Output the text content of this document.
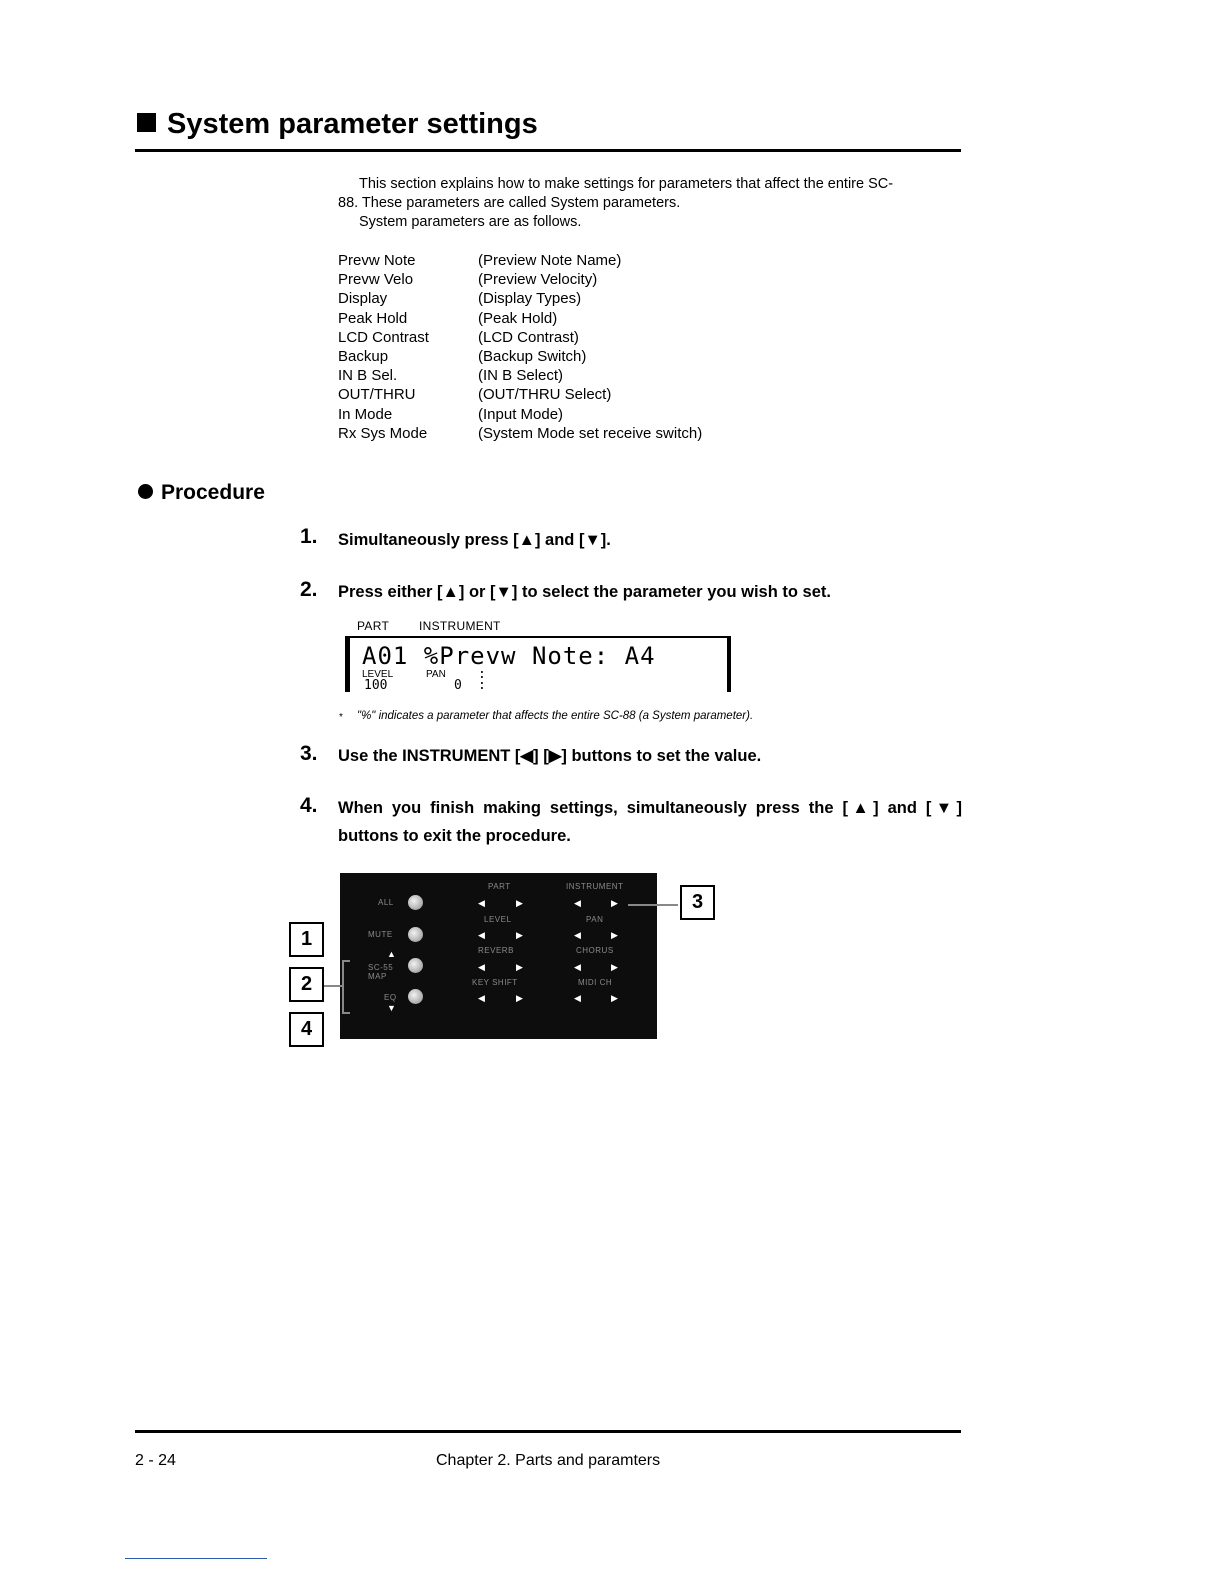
System parameter settings
This section explains how to make settings for parameters that affect the entire SC-
88. These parameters are called System parameters.
System parameters are as follows.
Prevw Note	(Preview Note Name)
Prevw Velo	(Preview Velocity)
Display	(Display Types)
Peak Hold	(Peak Hold)
LCD Contrast	(LCD Contrast)
Backup	(Backup Switch)
IN B Sel.	(IN B Select)
OUT/THRU	(OUT/THRU Select)
In Mode	(Input Mode)
Rx Sys Mode	(System Mode set receive switch)
Procedure
1. Simultaneously press [▲] and [▼].
2. Press either [▲] or [▼] to select the parameter you wish to set.
PART INSTRUMENT
A01 %Prevw Note: A4
LEVEL	PAN
100	0
:
:
* "%" indicates a parameter that affects the entire SC-88 (a System parameter).
3. Use the INSTRUMENT [◀] [▶] buttons to set the value.
4. When you finish making settings, simultaneously press the [▲] and [▼]
buttons to exit the procedure.
ALL
MUTE
▲
SC-55 MAP
EQ
▼
PART	INSTRUMENT
◀	▶	◀	▶
LEVEL	PAN
◀	▶	◀	▶
REVERB	CHORUS
◀	▶	◀	▶
KEY SHIFT	MIDI CH
◀	▶	◀	▶
1
2
3
4
2 - 24	Chapter 2. Parts and paramters
